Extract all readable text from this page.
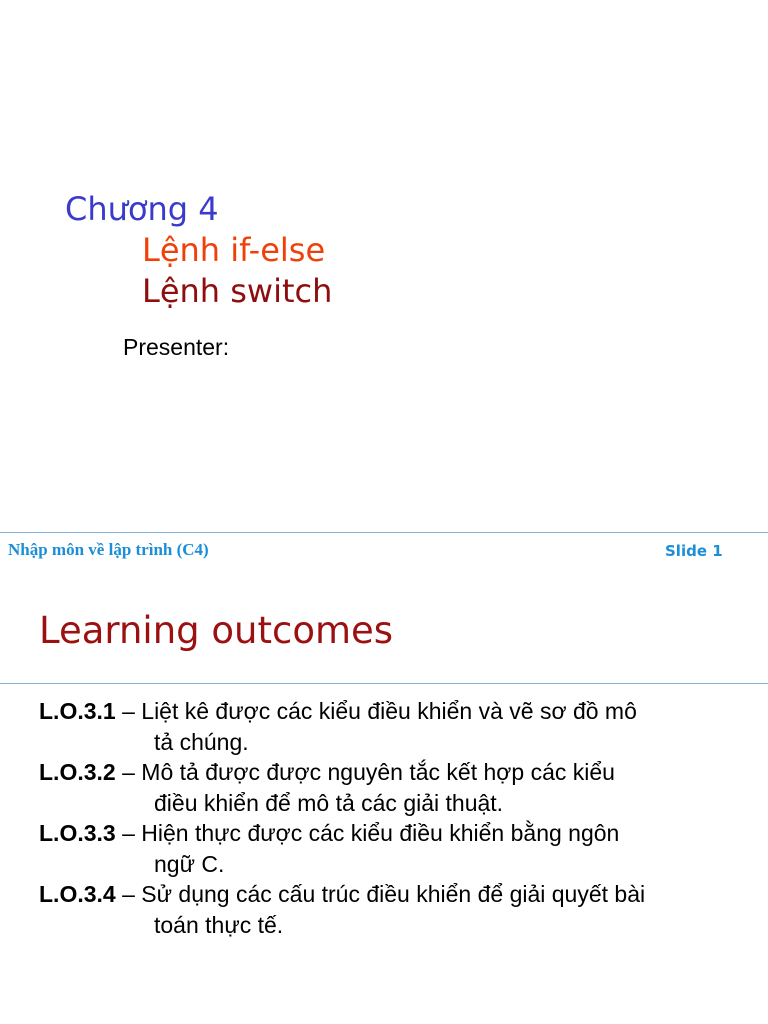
Chương 4
Lệnh if-else
Lệnh switch
Presenter:
Nhập môn về lập trình (C4)	Slide 1
Learning outcomes
L.O.3.1 – Liệt kê được các kiểu điều khiển và vẽ sơ đồ mô
tả chúng.
L.O.3.2 – Mô tả được được nguyên tắc kết hợp các kiểu
điều khiển để mô tả các giải thuật.
L.O.3.3 – Hiện thực được các kiểu điều khiển bằng ngôn
ngữ C.
L.O.3.4 – Sử dụng các cấu trúc điều khiển để giải quyết bài
toán thực tế.
